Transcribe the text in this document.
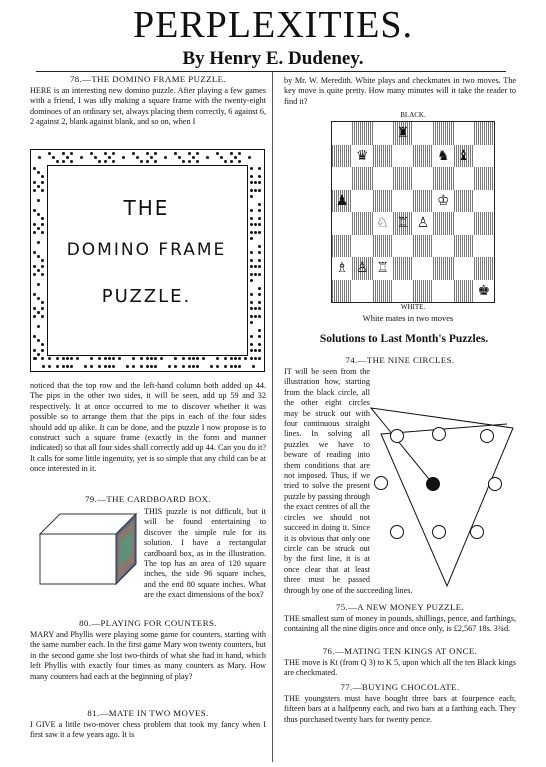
PERPLEXITIES.
By Henry E. Dudeney.
78.—THE DOMINO FRAME PUZZLE.
HERE is an interesting new domino puzzle. After playing a few games with a friend, I was idly making a square frame with the twenty-eight dominoes of an ordinary set, always placing them correctly, 6 against 6, 2 against 2, blank against blank, and so on, when I
THE
DOMINO FRAME
PUZZLE.
noticed that the top row and the left-hand column both added up 44. The pips in the other two sides, it will be seen, add up 59 and 32 respectively. It at once occurred to me to discover whether it was possible so to arrange them that the pips in each of the four sides should add up alike. It can be done, and the puzzle I now propose is to construct such a square frame (exactly in the form and manner indicated) so that all four sides shall correctly add up 44. Can you do it? It calls for some little ingenuity, yet is so simple that any child can be at once interested in it.
79.—THE CARDBOARD BOX.
THIS puzzle is not difficult, but it will be found entertaining to discover the simple rule for its solution. I have a rectangular cardboard box, as in the illustration. The top has an area of 120 square inches, the side 96 square inches, and the end 80 square inches. What are the exact dimensions of the box?
80.—PLAYING FOR COUNTERS.
MARY and Phyllis were playing some game for counters, starting with the same number each. In the first game Mary won twenty counters, but in the second game she lost two-thirds of what she had in hand, which left Phyllis with exactly four times as many counters as Mary. How many counters had each at the beginning of play?
81.—MATE IN TWO MOVES.
I GIVE a little two-mover chess problem that took my fancy when I first saw it a few years ago. It is
by Mr. W. Meredith. White plays and checkmates in two moves. The key move is quite pretty. How many minutes will it take the reader to find it?
BLACK.
♜
♛	♞ ♝
♟	♔
♘ ♖ ♙
♗ ♙ ♖
♚
WHITE.
White mates in two moves
Solutions to Last Month's Puzzles.
74.—THE NINE CIRCLES.
IT will be seen from the illustration how, starting from the black circle, all the other eight circles may be struck out with four continuous straight lines. In solving all puzzles we have to beware of reading into them conditions that are not imposed. Thus, if we tried to solve the present puzzle by passing through the exact centres of all the circles we should not succeed in doing it. Since it is obvious that only one circle can be struck out by the first line, it is at once clear that at least three must be passed through by one of the succeeding lines.
75.—A NEW MONEY PUZZLE.
THE smallest sum of money in pounds, shillings, pence, and farthings, containing all the nine digits once and once only, is £2,567 18s. 3¾d.
76.—MATING TEN KINGS AT ONCE.
THE move is Kt (from Q 3) to K 5, upon which all the ten Black kings are checkmated.
77.—BUYING CHOCOLATE.
THE youngsters must have bought three bars at fourpence each, fifteen bars at a halfpenny each, and two bars at a farthing each. They thus purchased twenty bars for twenty pence.
